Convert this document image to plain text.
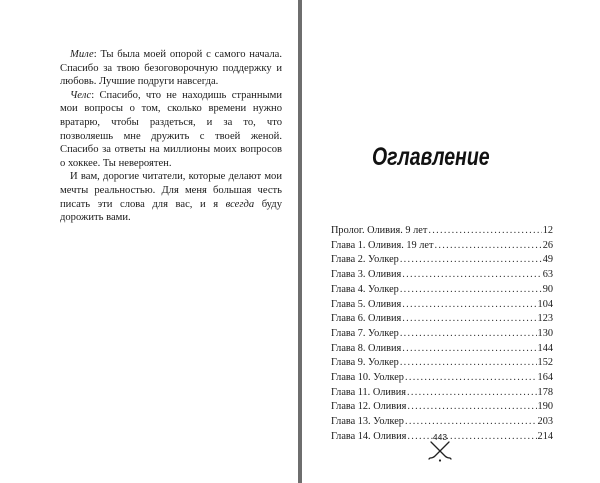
Миле: Ты была моей опорой с самого начала. Спасибо за твою безоговорочную поддержку и любовь. Лучшие подруги навсегда.

Челс: Спасибо, что не находишь странными мои вопросы о том, сколько времени нужно вратарю, чтобы раздеться, и за то, что позволяешь мне дружить с твоей женой. Спасибо за ответы на миллионы моих вопросов о хоккее. Ты невероятен.

И вам, дорогие читатели, которые делают мои мечты реальностью. Для меня большая честь писать эти слова для вас, и я всегда буду дорожить вами.

Оглавление
Пролог. Оливия. 9 лет .....	12
Глава 1. Оливия. 19 лет .....	26
Глава 2. Уолкер .....	49
Глава 3. Оливия .....	63
Глава 4. Уолкер .....	90
Глава 5. Оливия .....	104
Глава 6. Оливия .....	123
Глава 7. Уолкер .....	130
Глава 8. Оливия .....	144
Глава 9. Уолкер .....	152
Глава 10. Уолкер .....	164
Глава 11. Оливия .....	178
Глава 12. Оливия .....	190
Глава 13. Уолкер .....	203
Глава 14. Оливия .....	214
443
